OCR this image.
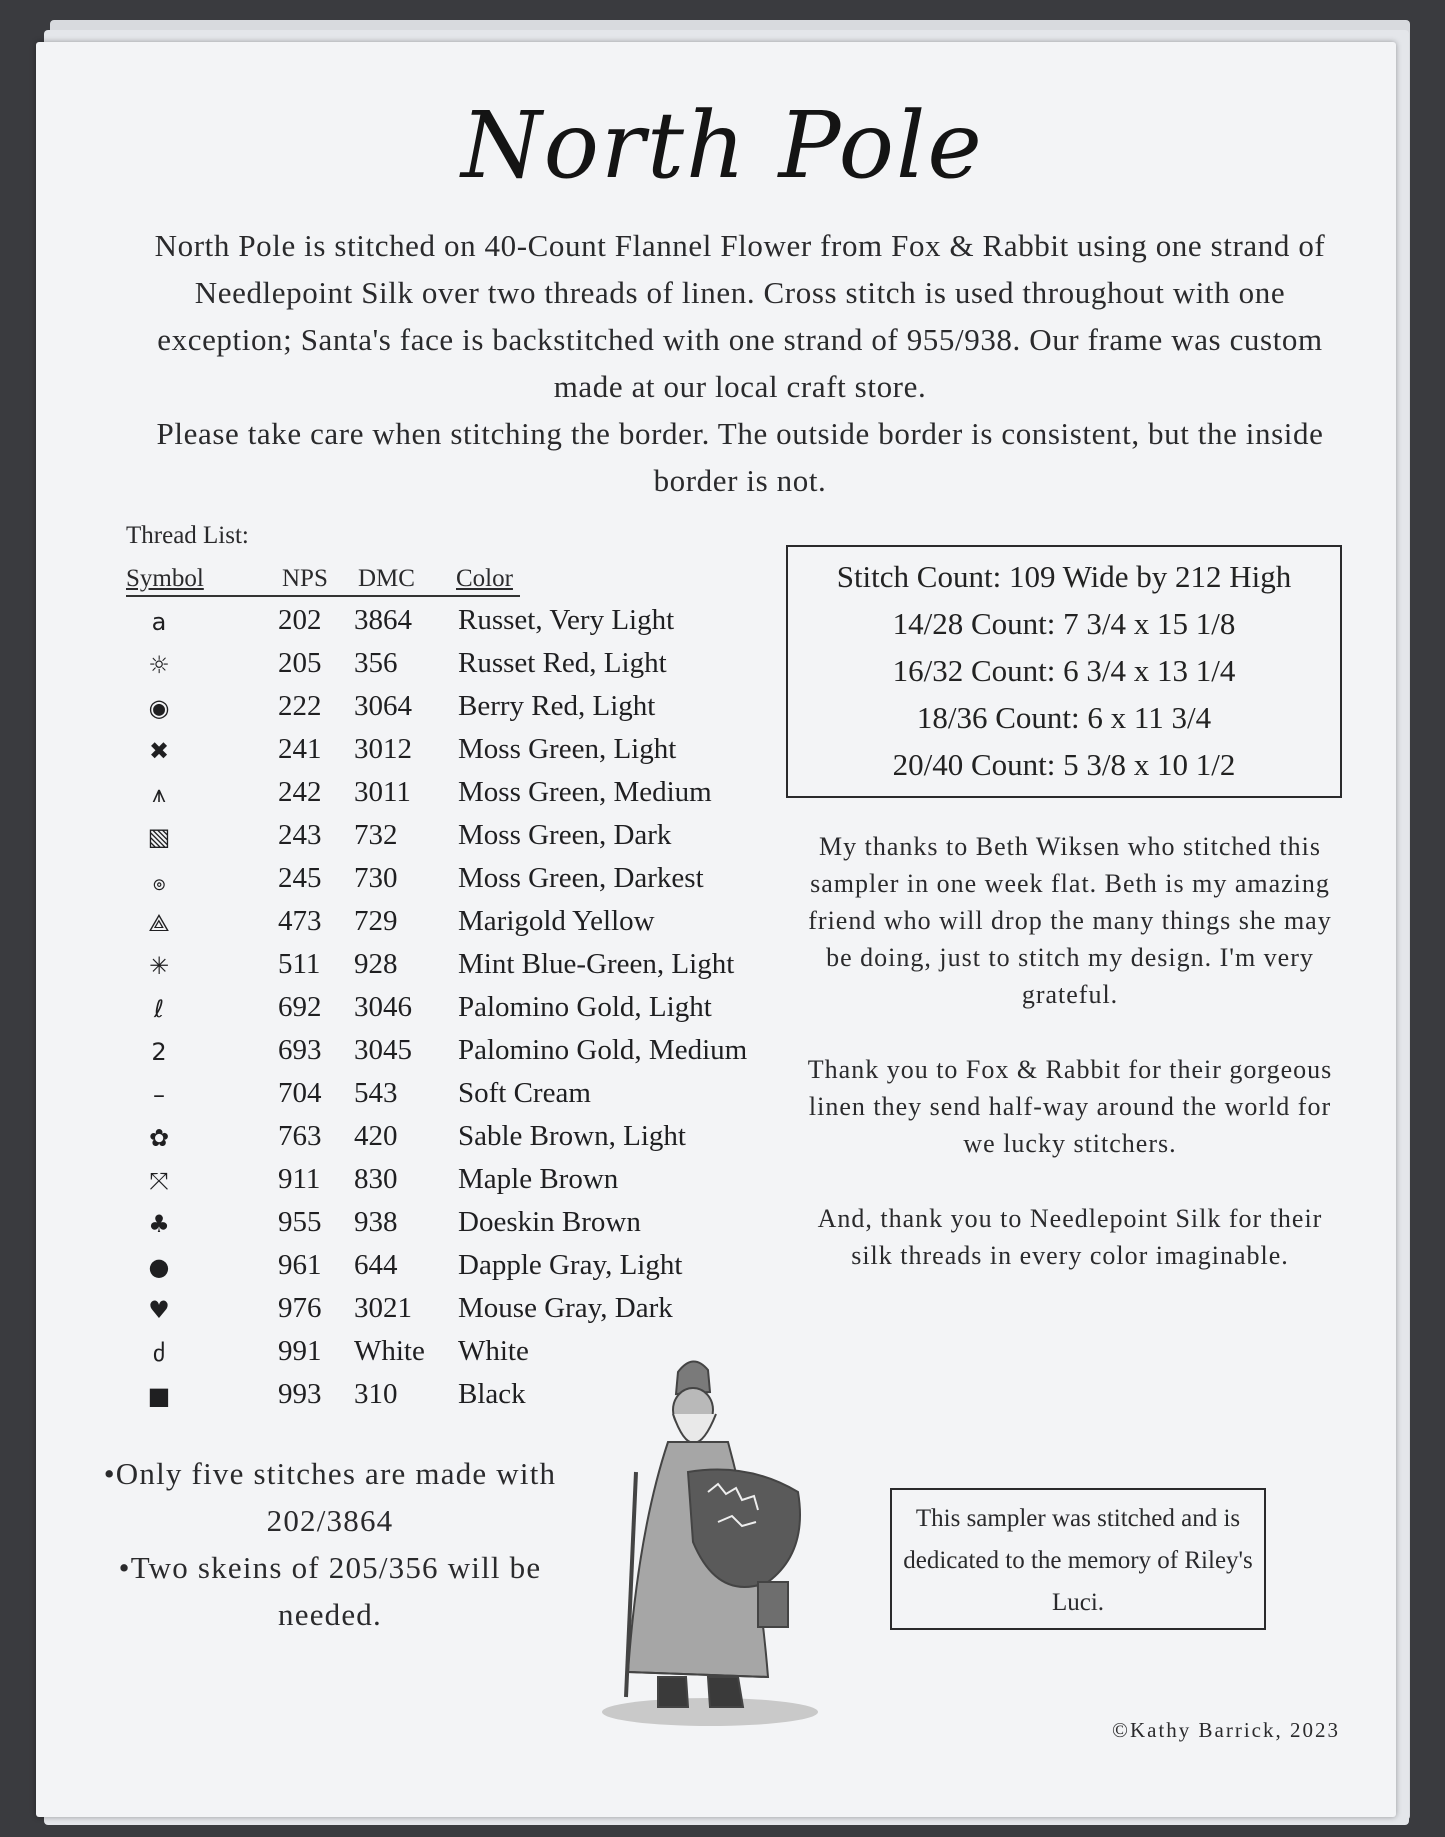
North Pole

North Pole is stitched on 40-Count Flannel Flower from Fox & Rabbit using one strand of Needlepoint Silk over two threads of linen. Cross stitch is used throughout with one exception; Santa's face is backstitched with one strand of 955/938. Our frame was custom made at our local craft store.

Please take care when stitching the border. The outside border is consistent, but the inside border is not.

Thread List:
Symbol	NPS DMC Color
a	202 3864 Russet, Very Light
☼	205 356 Russet Red, Light
◉	222 3064 Berry Red, Light
✖	241 3012 Moss Green, Light
⩚	242 3011 Moss Green, Medium
▧	243 732 Moss Green, Dark
ၜ	245 730 Moss Green, Darkest
⟁	473 729 Marigold Yellow
✳	511 928 Mint Blue-Green, Light
ℓ	692 3046 Palomino Gold, Light
2	693 3045 Palomino Gold, Medium
–	704 543 Soft Cream
✿	763 420 Sable Brown, Light
⤧	911 830 Maple Brown
♣	955 938 Doeskin Brown
●	961 644 Dapple Gray, Light
♥	976 3021 Mouse Gray, Dark
ძ	991 White White
■	993 310 Black
Stitch Count: 109 Wide by 212 High
14/28 Count: 7 3/4 x 15 1/8
16/32 Count: 6 3/4 x 13 1/4
18/36 Count: 6 x 11 3/4
20/40 Count: 5 3/8 x 10 1/2

My thanks to Beth Wiksen who stitched this sampler in one week flat. Beth is my amazing friend who will drop the many things she may be doing, just to stitch my design. I'm very grateful.

Thank you to Fox & Rabbit for their gorgeous linen they send half-way around the world for we lucky stitchers.

And, thank you to Needlepoint Silk for their silk threads in every color imaginable.

•Only five stitches are made with 202/3864

•Two skeins of 205/356 will be needed.

This sampler was stitched and is dedicated to the memory of Riley's Luci.

©Kathy Barrick, 2023
